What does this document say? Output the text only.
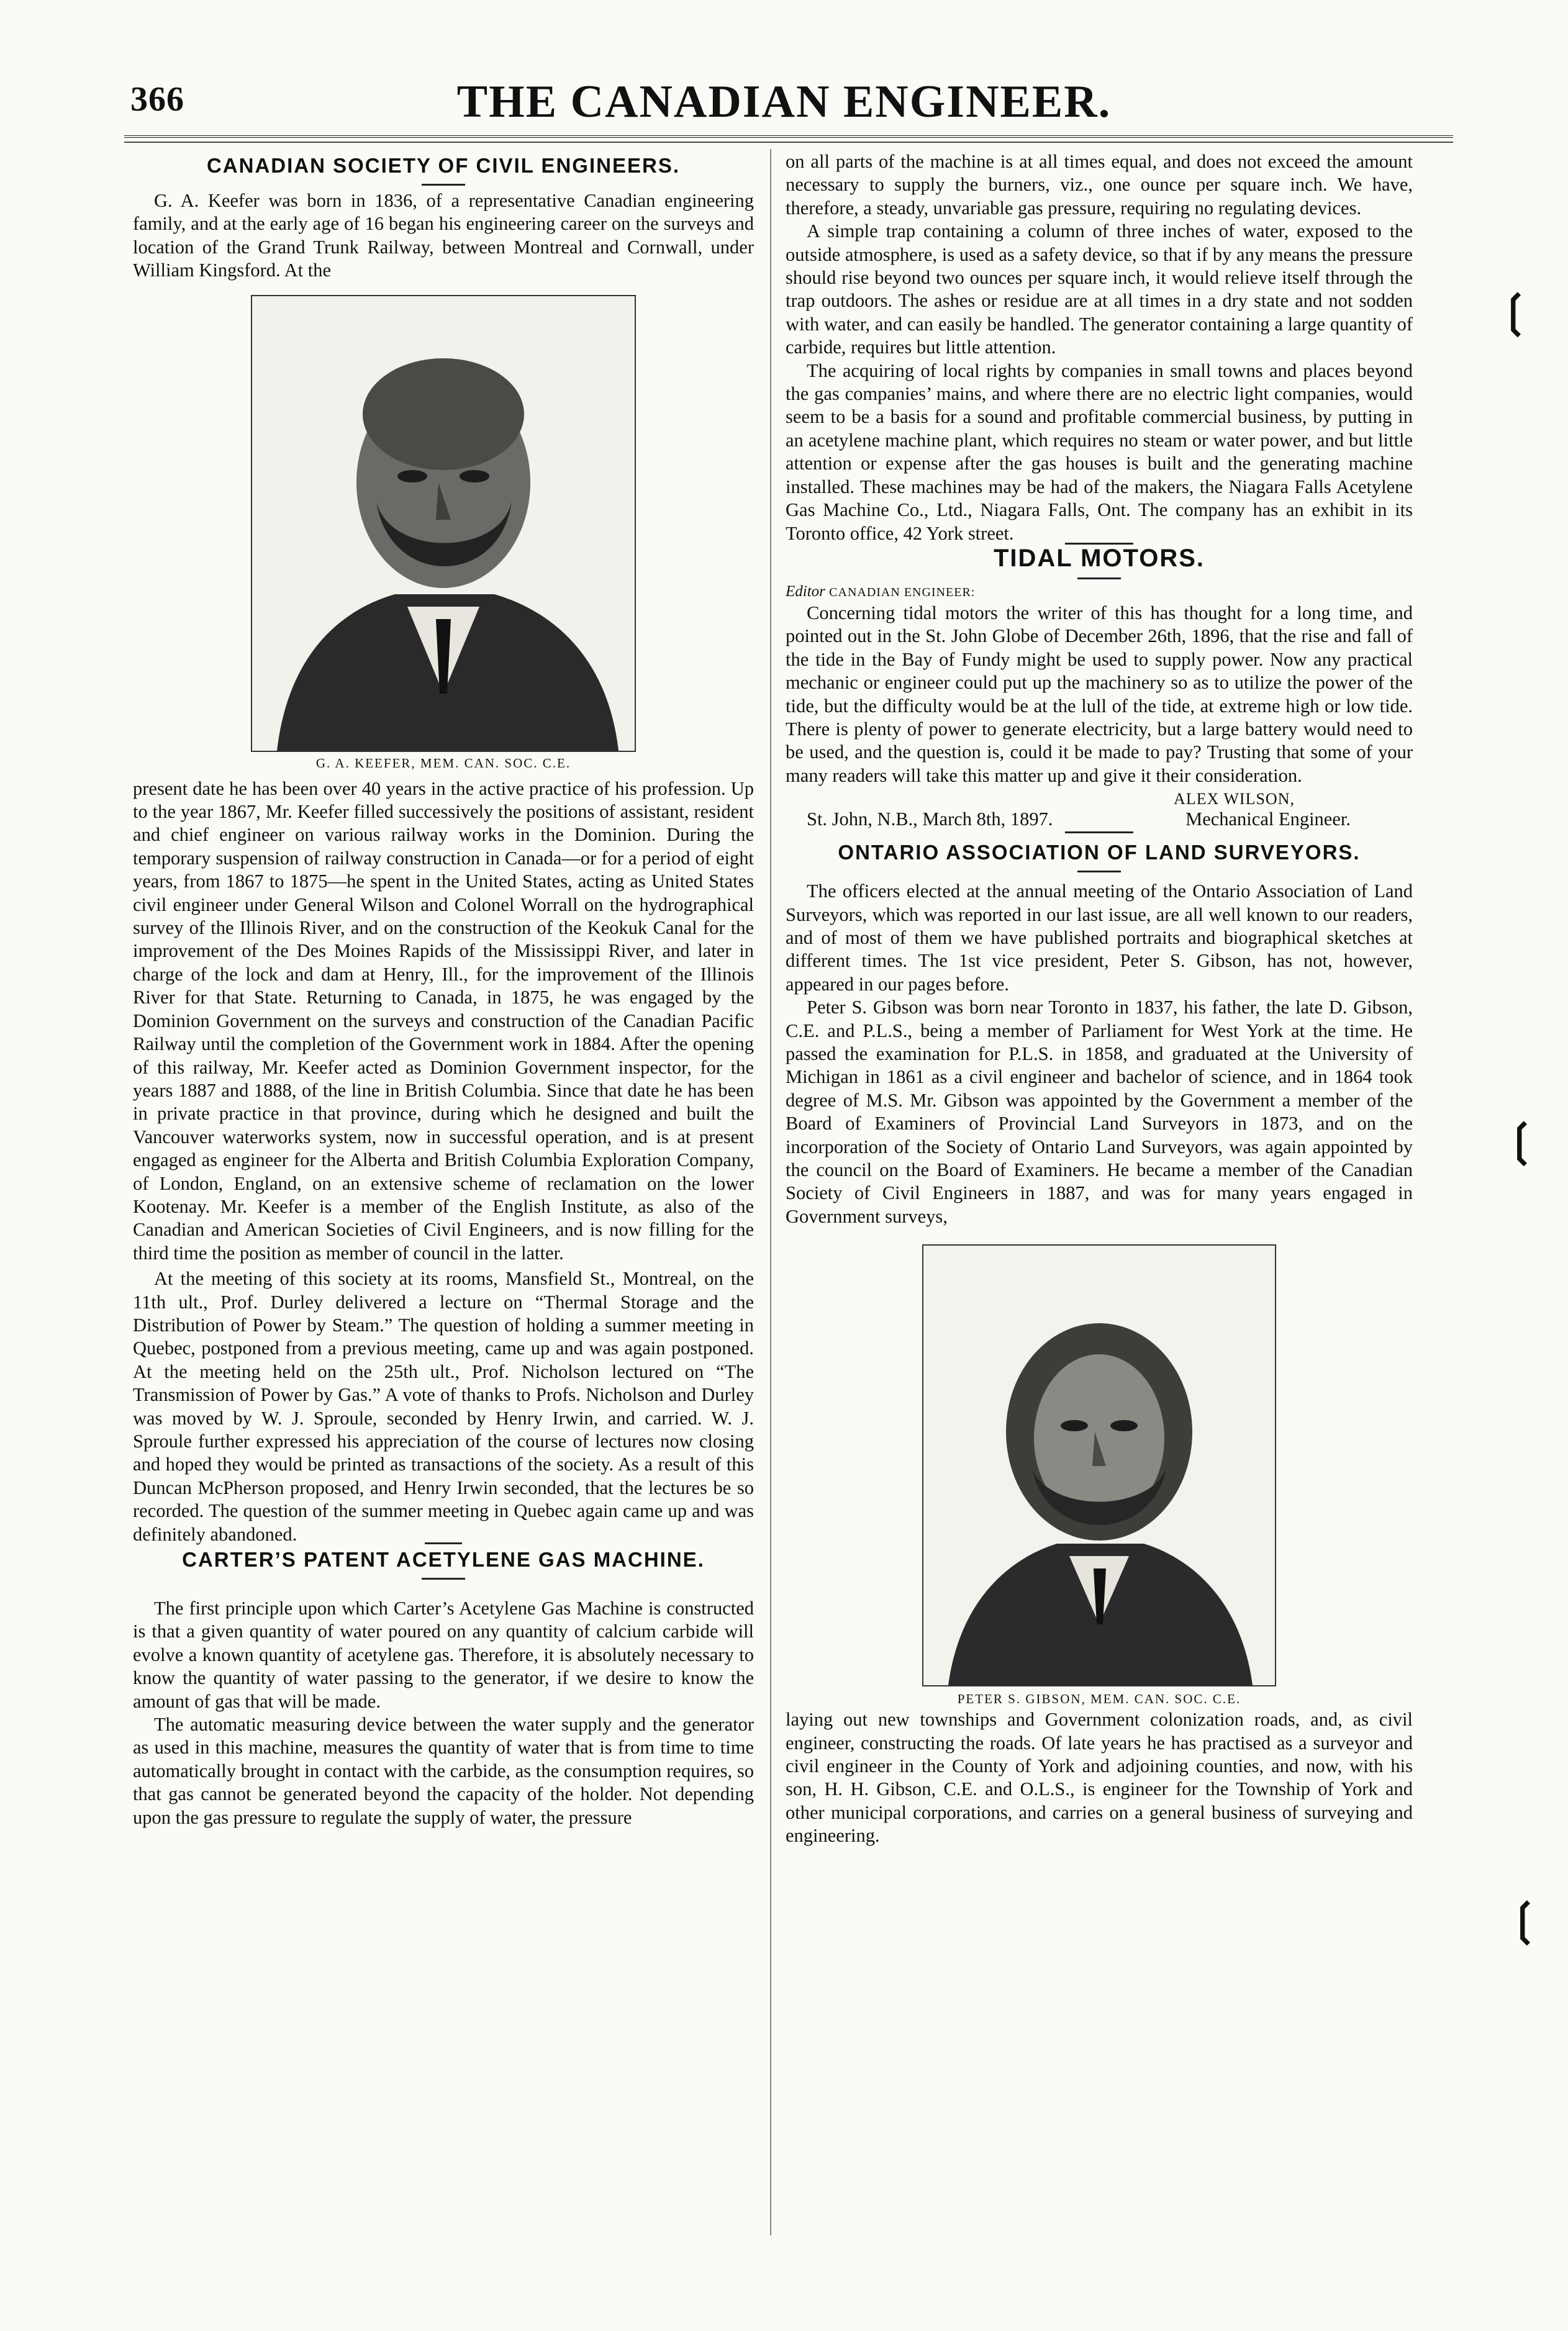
366	THE CANADIAN ENGINEER.
CANADIAN SOCIETY OF CIVIL ENGINEERS.

G. A. Keefer was born in 1836, of a representative Canadian engineering family, and at the early age of 16 began his engineering career on the surveys and location of the Grand Trunk Railway, between Montreal and Cornwall, under William Kingsford. At the

G. A. KEEFER, MEM. CAN. SOC. C.E.

present date he has been over 40 years in the active practice of his profession. Up to the year 1867, Mr. Keefer filled successively the positions of assistant, resident and chief engineer on various railway works in the Dominion. During the temporary suspension of railway construction in Canada—or for a period of eight years, from 1867 to 1875—he spent in the United States, acting as United States civil engineer under General Wilson and Colonel Worrall on the hydrographical survey of the Illinois River, and on the construction of the Keokuk Canal for the improvement of the Des Moines Rapids of the Mississippi River, and later in charge of the lock and dam at Henry, Ill., for the improvement of the Illinois River for that State. Returning to Canada, in 1875, he was engaged by the Dominion Government on the surveys and construction of the Canadian Pacific Railway until the completion of the Government work in 1884. After the opening of this railway, Mr. Keefer acted as Dominion Government inspector, for the years 1887 and 1888, of the line in British Columbia. Since that date he has been in private practice in that province, during which he designed and built the Vancouver waterworks system, now in successful operation, and is at present engaged as engineer for the Alberta and British Columbia Exploration Company, of London, England, on an extensive scheme of reclamation on the lower Kootenay. Mr. Keefer is a member of the English Institute, as also of the Canadian and American Societies of Civil Engineers, and is now filling for the third time the position as member of council in the latter.

At the meeting of this society at its rooms, Mansfield St., Montreal, on the 11th ult., Prof. Durley delivered a lecture on “Thermal Storage and the Distribution of Power by Steam.” The question of holding a summer meeting in Quebec, postponed from a previous meeting, came up and was again postponed. At the meeting held on the 25th ult., Prof. Nicholson lectured on “The Transmission of Power by Gas.” A vote of thanks to Profs. Nicholson and Durley was moved by W. J. Sproule, seconded by Henry Irwin, and carried. W. J. Sproule further expressed his appreciation of the course of lectures now closing and hoped they would be printed as transactions of the society. As a result of this Duncan McPherson proposed, and Henry Irwin seconded, that the lectures be so recorded. The question of the summer meeting in Quebec again came up and was definitely abandoned.

CARTER’S PATENT ACETYLENE GAS MACHINE.

The first principle upon which Carter’s Acetylene Gas Machine is constructed is that a given quantity of water poured on any quantity of calcium carbide will evolve a known quantity of acetylene gas. Therefore, it is absolutely necessary to know the quantity of water passing to the generator, if we desire to know the amount of gas that will be made.

The automatic measuring device between the water supply and the generator as used in this machine, measures the quantity of water that is from time to time automatically brought in contact with the carbide, as the consumption requires, so that gas cannot be generated beyond the capacity of the holder. Not depending upon the gas pressure to regulate the supply of water, the pressure

on all parts of the machine is at all times equal, and does not exceed the amount necessary to supply the burners, viz., one ounce per square inch. We have, therefore, a steady, unvariable gas pressure, requiring no regulating devices.

A simple trap containing a column of three inches of water, exposed to the outside atmosphere, is used as a safety device, so that if by any means the pressure should rise beyond two ounces per square inch, it would relieve itself through the trap outdoors. The ashes or residue are at all times in a dry state and not sodden with water, and can easily be handled. The generator containing a large quantity of carbide, requires but little attention.

The acquiring of local rights by companies in small towns and places beyond the gas companies’ mains, and where there are no electric light companies, would seem to be a basis for a sound and profitable commercial business, by putting in an acetylene machine plant, which requires no steam or water power, and but little attention or expense after the gas houses is built and the generating machine installed. These machines may be had of the makers, the Niagara Falls Acetylene Gas Machine Co., Ltd., Niagara Falls, Ont. The company has an exhibit in its Toronto office, 42 York street.

TIDAL MOTORS.
Editor CANADIAN ENGINEER:

Concerning tidal motors the writer of this has thought for a long time, and pointed out in the St. John Globe of December 26th, 1896, that the rise and fall of the tide in the Bay of Fundy might be used to supply power. Now any practical mechanic or engineer could put up the machinery so as to utilize the power of the tide, but the difficulty would be at the lull of the tide, at extreme high or low tide. There is plenty of power to generate electricity, but a large battery would need to be used, and the question is, could it be made to pay? Trusting that some of your many readers will take this matter up and give it their consideration.

ALEX WILSON,
St. John, N.B., March 8th, 1897.	Mechanical Engineer.
ONTARIO ASSOCIATION OF LAND SURVEYORS.

The officers elected at the annual meeting of the Ontario Association of Land Surveyors, which was reported in our last issue, are all well known to our readers, and of most of them we have published portraits and biographical sketches at different times. The 1st vice president, Peter S. Gibson, has not, however, appeared in our pages before.

Peter S. Gibson was born near Toronto in 1837, his father, the late D. Gibson, C.E. and P.L.S., being a member of Parliament for West York at the time. He passed the examination for P.L.S. in 1858, and graduated at the University of Michigan in 1861 as a civil engineer and bachelor of science, and in 1864 took degree of M.S. Mr. Gibson was appointed by the Government a member of the Board of Examiners of Provincial Land Surveyors in 1873, and on the incorporation of the Society of Ontario Land Surveyors, was again appointed by the council on the Board of Examiners. He became a member of the Canadian Society of Civil Engineers in 1887, and was for many years engaged in Government surveys,

PETER S. GIBSON, MEM. CAN. SOC. C.E.

laying out new townships and Government colonization roads, and, as civil engineer, constructing the roads. Of late years he has practised as a surveyor and civil engineer in the County of York and adjoining counties, and now, with his son, H. H. Gibson, C.E. and O.L.S., is engineer for the Township of York and other municipal corporations, and carries on a general business of surveying and engineering.

❲
❲
❲
